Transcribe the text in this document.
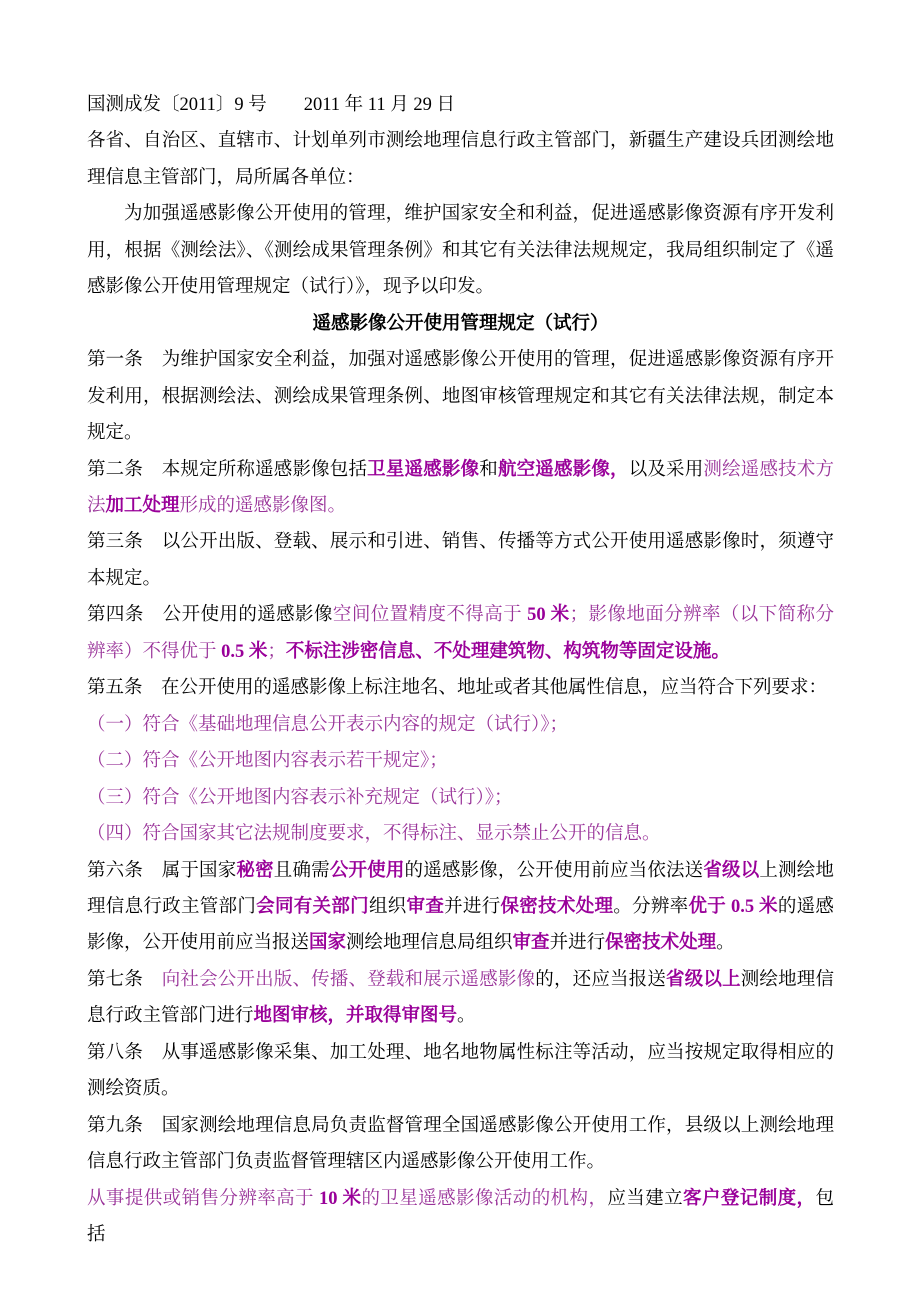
国测成发〔2011〕9 号　　2011 年 11 月 29 日

各省、自治区、直辖市、计划单列市测绘地理信息行政主管部门，新疆生产建设兵团测绘地理信息主管部门，局所属各单位：

为加强遥感影像公开使用的管理，维护国家安全和利益，促进遥感影像资源有序开发利用，根据《测绘法》、《测绘成果管理条例》和其它有关法律法规规定，我局组织制定了《遥感影像公开使用管理规定（试行）》，现予以印发。

遥感影像公开使用管理规定（试行）

第一条　为维护国家安全利益，加强对遥感影像公开使用的管理，促进遥感影像资源有序开发利用，根据测绘法、测绘成果管理条例、地图审核管理规定和其它有关法律法规，制定本规定。

第二条　本规定所称遥感影像包括卫星遥感影像和航空遥感影像，以及采用测绘遥感技术方法加工处理形成的遥感影像图。

第三条　以公开出版、登载、展示和引进、销售、传播等方式公开使用遥感影像时，须遵守本规定。

第四条　公开使用的遥感影像空间位置精度不得高于 50 米；影像地面分辨率（以下简称分辨率）不得优于 0.5 米；不标注涉密信息、不处理建筑物、构筑物等固定设施。

第五条　在公开使用的遥感影像上标注地名、地址或者其他属性信息，应当符合下列要求：

（一）符合《基础地理信息公开表示内容的规定（试行）》；

（二）符合《公开地图内容表示若干规定》；

（三）符合《公开地图内容表示补充规定（试行）》；

（四）符合国家其它法规制度要求，不得标注、显示禁止公开的信息。

第六条　属于国家秘密且确需公开使用的遥感影像，公开使用前应当依法送省级以上测绘地理信息行政主管部门会同有关部门组织审查并进行保密技术处理。分辨率优于 0.5 米的遥感影像，公开使用前应当报送国家测绘地理信息局组织审查并进行保密技术处理。

第七条　向社会公开出版、传播、登载和展示遥感影像的，还应当报送省级以上测绘地理信息行政主管部门进行地图审核，并取得审图号。

第八条　从事遥感影像采集、加工处理、地名地物属性标注等活动，应当按规定取得相应的测绘资质。

第九条　国家测绘地理信息局负责监督管理全国遥感影像公开使用工作，县级以上测绘地理信息行政主管部门负责监督管理辖区内遥感影像公开使用工作。

从事提供或销售分辨率高于 10 米的卫星遥感影像活动的机构，应当建立客户登记制度，包括
